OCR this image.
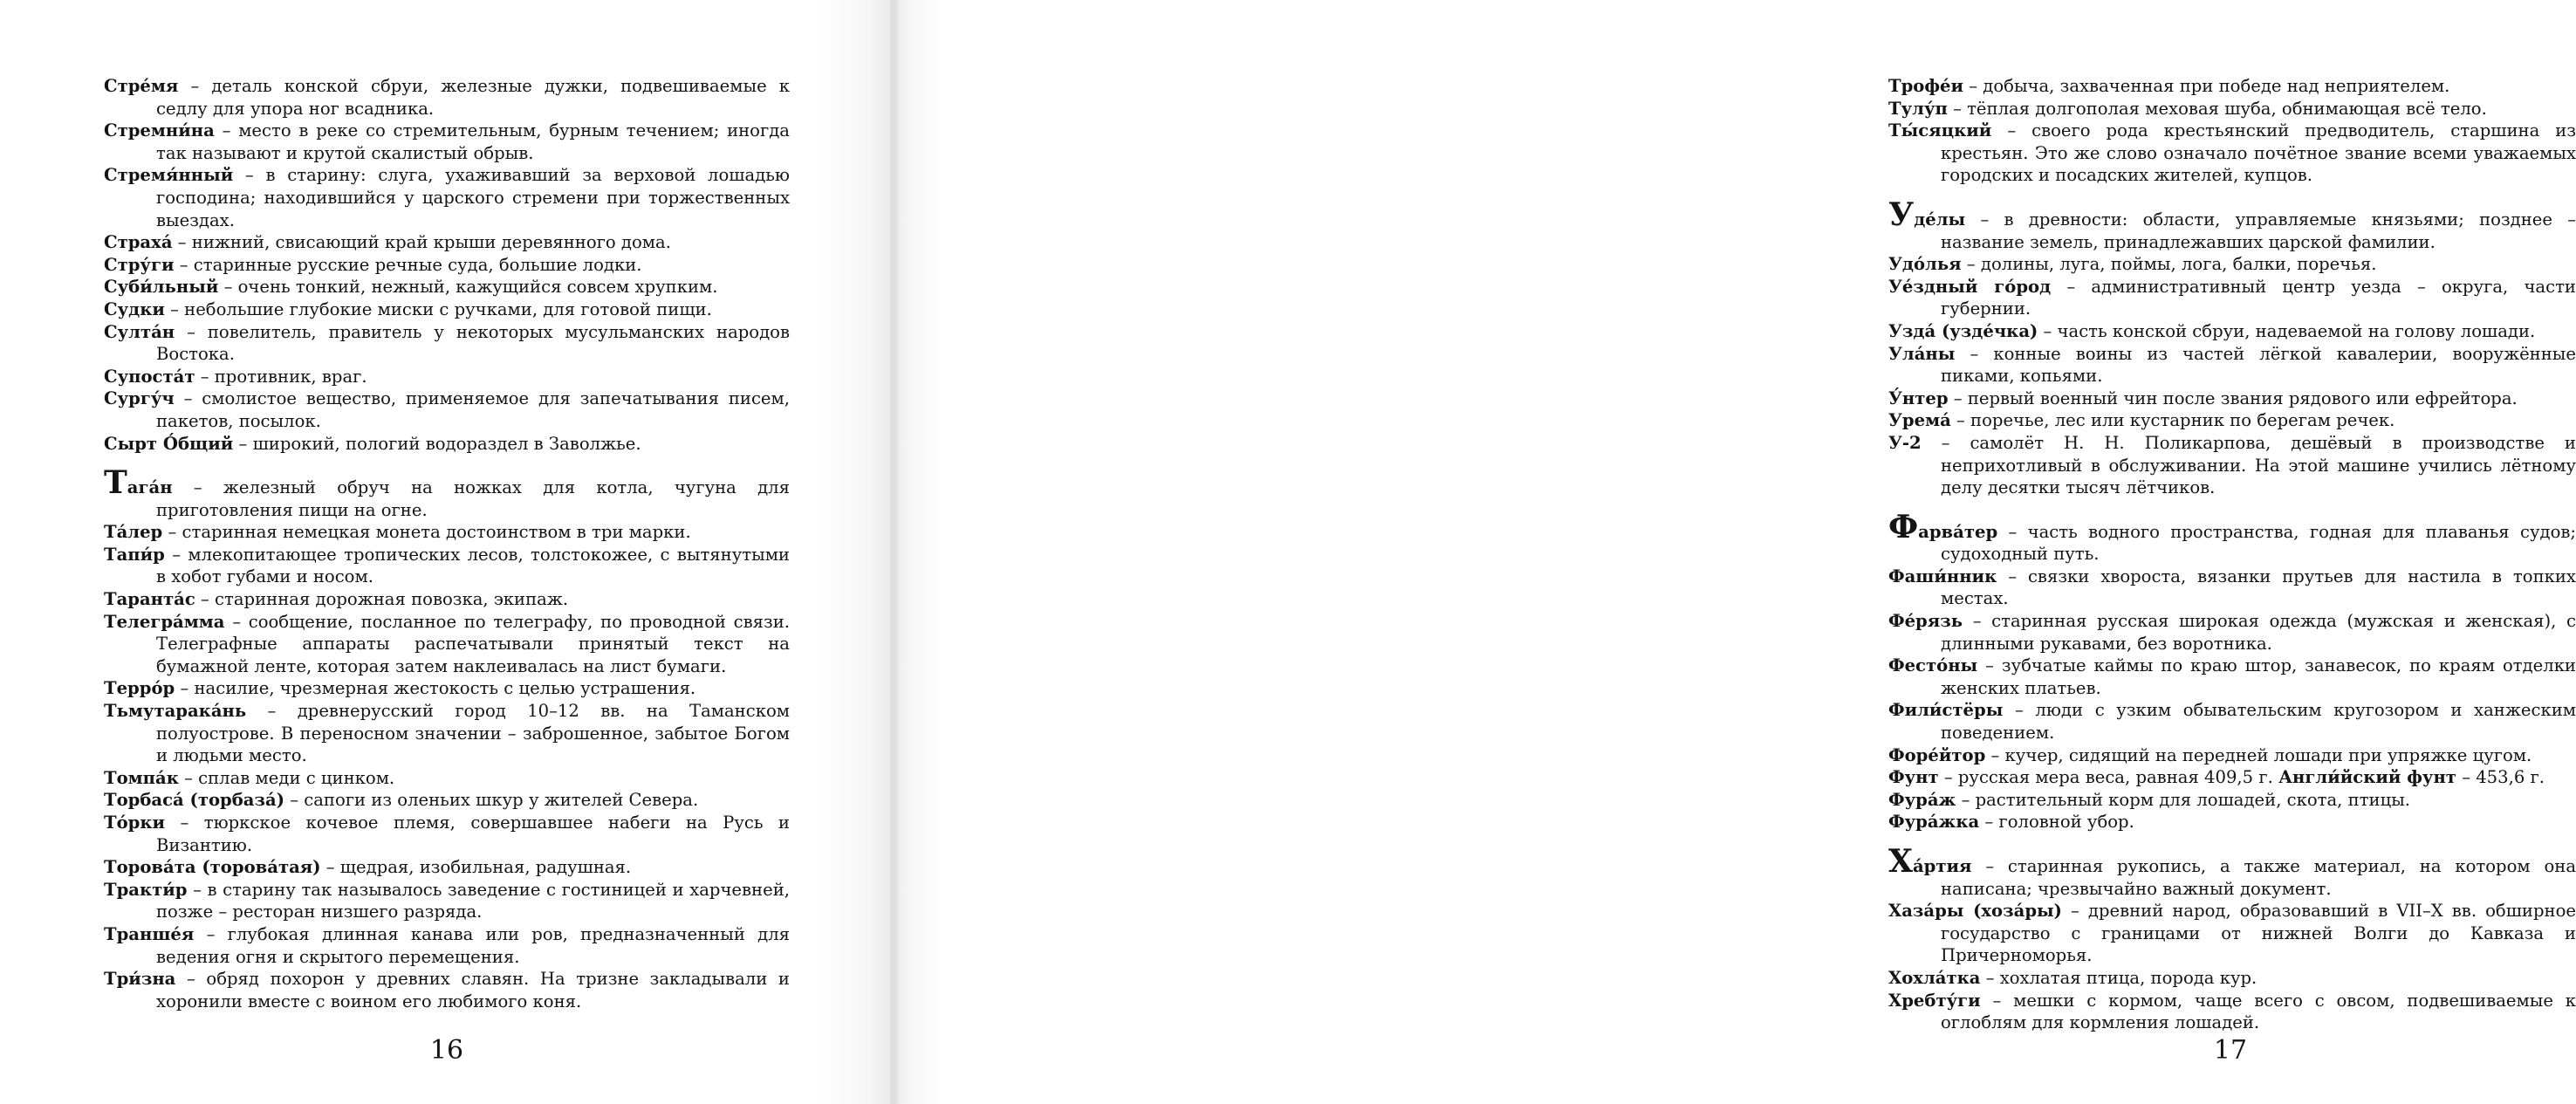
Стре́мя – деталь конской сбруи, железные дужки, подвешиваемые к седлу для упора ног всадника.

Стремни́на – место в реке со стремительным, бурным течением; иногда так называют и крутой скалистый обрыв.

Стремя́нный – в старину: слуга, ухаживавший за верховой лошадью господина; находившийся у царского стремени при торжественных выездах.

Страха́ – нижний, свисающий край крыши деревянного дома.

Стру́ги – старинные русские речные суда, большие лодки.

Суби́льный – очень тонкий, нежный, кажущийся совсем хрупким.

Судки – небольшие глубокие миски с ручками, для готовой пищи.

Султа́н – повелитель, правитель у некоторых мусульманских народов Востока.

Супоста́т – противник, враг.

Сургу́ч – смолистое вещество, применяемое для запечатывания писем, пакетов, посылок.

Сырт О́бщий – широкий, пологий водораздел в Заволжье.

Тага́н – железный обруч на ножках для котла, чугуна для приготовления пищи на огне.

Та́лер – старинная немецкая монета достоинством в три марки.

Тапи́р – млекопитающее тропических лесов, толстокожее, с вытянутыми в хобот губами и носом.

Таранта́с – старинная дорожная повозка, экипаж.

Телегра́мма – сообщение, посланное по телеграфу, по проводной связи. Телеграфные аппараты распечатывали принятый текст на бумажной ленте, которая затем наклеивалась на лист бумаги.

Терро́р – насилие, чрезмерная жестокость с целью устрашения.

Тьмутарака́нь – древнерусский город 10–12 вв. на Таманском полуострове. В переносном значении – заброшенное, забытое Богом и людьми место.

Томпа́к – сплав меди с цинком.

Торбаса́ (торбаза́) – сапоги из оленьих шкур у жителей Севера.

То́рки – тюркское кочевое племя, совершавшее набеги на Русь и Византию.

Торова́та (торова́тая) – щедрая, изобильная, радушная.

Тракти́р – в старину так называлось заведение с гостиницей и харчевней, позже – ресторан низшего разряда.

Транше́я – глубокая длинная канава или ров, предназначенный для ведения огня и скрытого перемещения.

Три́зна – обряд похорон у древних славян. На тризне закладывали и хоронили вместе с воином его любимого коня.

16

Трофе́и – добыча, захваченная при победе над неприятелем.

Тулу́п – тёплая долгополая меховая шуба, обнимающая всё тело.

Ты́сяцкий – своего рода крестьянский предводитель, старшина из крестьян. Это же слово означало почётное звание всеми уважаемых городских и посадских жителей, купцов.

Уде́лы – в древности: области, управляемые князьями; позднее – название земель, принадлежавших царской фамилии.

Удо́лья – долины, луга, поймы, лога, балки, поречья.

Уе́здный го́род – административный центр уезда – округа, части губернии.

Узда́ (узде́чка) – часть конской сбруи, надеваемой на голову лошади.

Ула́ны – конные воины из частей лёгкой кавалерии, вооружённые пиками, копьями.

У́нтер – первый военный чин после звания рядового или ефрейтора.

Урема́ – поречье, лес или кустарник по берегам речек.

У-2 – самолёт Н. Н. Поликарпова, дешёвый в производстве и неприхотливый в обслуживании. На этой машине учились лётному делу десятки тысяч лётчиков.

Фарва́тер – часть водного пространства, годная для плаванья судов; судоходный путь.

Фаши́нник – связки хвороста, вязанки прутьев для настила в топких местах.

Фе́рязь – старинная русская широкая одежда (мужская и женская), с длинными рукавами, без воротника.

Фесто́ны – зубчатые каймы по краю штор, занавесок, по краям отделки женских платьев.

Фили́стёры – люди с узким обывательским кругозором и ханжеским поведением.

Форе́йтор – кучер, сидящий на передней лошади при упряжке цугом.

Фунт – русская мера веса, равная 409,5 г. Англи́йский фунт – 453,6 г.

Фура́ж – растительный корм для лошадей, скота, птицы.

Фура́жка – головной убор.

Ха́ртия – старинная рукопись, а также материал, на котором она написана; чрезвычайно важный документ.

Хаза́ры (хоза́ры) – древний народ, образовавший в VII–X вв. обширное государство с границами от нижней Волги до Кавказа и Причерноморья.

Хохла́тка – хохлатая птица, порода кур.

Хребту́ги – мешки с кормом, чаще всего с овсом, подвешиваемые к оглоблям для кормления лошадей.

17
